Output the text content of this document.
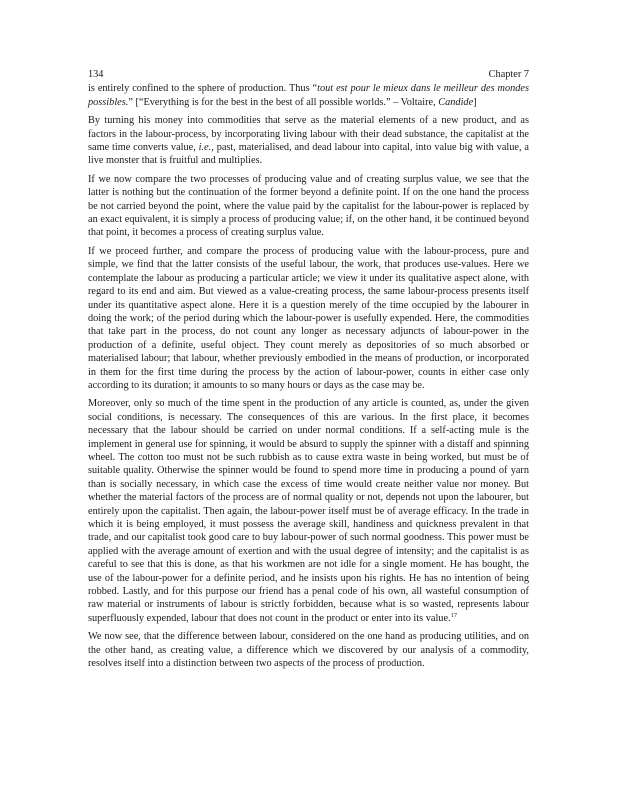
134	Chapter 7

is entirely confined to the sphere of production. Thus “tout est pour le mieux dans le meilleur des mondes possibles.” [“Everything is for the best in the best of all possible worlds.” – Voltaire, Candide]

By turning his money into commodities that serve as the material elements of a new product, and as factors in the labour-process, by incorporating living labour with their dead substance, the capitalist at the same time converts value, i.e., past, materialised, and dead labour into capital, into value big with value, a live monster that is fruitful and multiplies.

If we now compare the two processes of producing value and of creating surplus value, we see that the latter is nothing but the continuation of the former beyond a definite point. If on the one hand the process be not carried beyond the point, where the value paid by the capitalist for the labour-power is replaced by an exact equivalent, it is simply a process of producing value; if, on the other hand, it be continued beyond that point, it becomes a process of creating surplus value.

If we proceed further, and compare the process of producing value with the labour-process, pure and simple, we find that the latter consists of the useful labour, the work, that produces use-values. Here we contemplate the labour as producing a particular article; we view it under its qualitative aspect alone, with regard to its end and aim. But viewed as a value-creating process, the same labour-process presents itself under its quantitative aspect alone. Here it is a question merely of the time occupied by the labourer in doing the work; of the period during which the labour-power is usefully expended. Here, the commodities that take part in the process, do not count any longer as necessary adjuncts of labour-power in the production of a definite, useful object. They count merely as depositories of so much absorbed or materialised labour; that labour, whether previously embodied in the means of production, or incorporated in them for the first time during the process by the action of labour-power, counts in either case only according to its duration; it amounts to so many hours or days as the case may be.

Moreover, only so much of the time spent in the production of any article is counted, as, under the given social conditions, is necessary. The consequences of this are various. In the first place, it becomes necessary that the labour should be carried on under normal conditions. If a self-acting mule is the implement in general use for spinning, it would be absurd to supply the spinner with a distaff and spinning wheel. The cotton too must not be such rubbish as to cause extra waste in being worked, but must be of suitable quality. Otherwise the spinner would be found to spend more time in producing a pound of yarn than is socially necessary, in which case the excess of time would create neither value nor money. But whether the material factors of the process are of normal quality or not, depends not upon the labourer, but entirely upon the capitalist. Then again, the labour-power itself must be of average efficacy. In the trade in which it is being employed, it must possess the average skill, handiness and quickness prevalent in that trade, and our capitalist took good care to buy labour-power of such normal goodness. This power must be applied with the average amount of exertion and with the usual degree of intensity; and the capitalist is as careful to see that this is done, as that his workmen are not idle for a single moment. He has bought, the use of the labour-power for a definite period, and he insists upon his rights. He has no intention of being robbed. Lastly, and for this purpose our friend has a penal code of his own, all wasteful consumption of raw material or instruments of labour is strictly forbidden, because what is so wasted, represents labour superfluously expended, labour that does not count in the product or enter into its value.$^{17}$

We now see, that the difference between labour, considered on the one hand as producing utilities, and on the other hand, as creating value, a difference which we discovered by our analysis of a commodity, resolves itself into a distinction between two aspects of the process of production.
